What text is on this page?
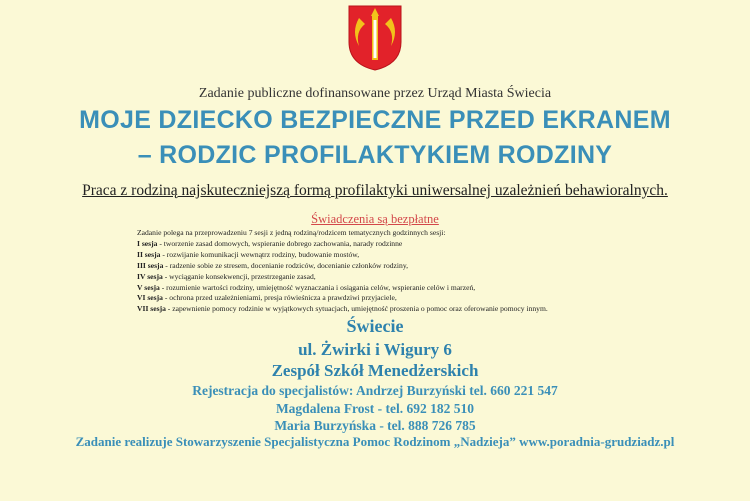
Zadanie publiczne dofinansowane przez Urząd Miasta Świecia
MOJE DZIECKO BEZPIECZNE PRZED EKRANEM
– RODZIC PROFILAKTYKIEM RODZINY
Praca z rodziną najskuteczniejszą formą profilaktyki uniwersalnej uzależnień behawioralnych.
Świadczenia są bezpłatne
Zadanie polega na przeprowadzeniu 7 sesji z jedną rodziną/rodzicem tematycznych godzinnych sesji:
I sesja - tworzenie zasad domowych, wspieranie dobrego zachowania, narady rodzinne
II sesja - rozwijanie komunikacji wewnątrz rodziny, budowanie mostów,
III sesja - radzenie sobie ze stresem, docenianie rodziców, docenianie członków rodziny,
IV sesja - wyciąganie konsekwencji, przestrzeganie zasad,
V sesja - rozumienie wartości rodziny, umiejętność wyznaczania i osiągania celów, wspieranie celów i marzeń,
VI sesja - ochrona przed uzależnieniami, presja rówieśnicza a prawdziwi przyjaciele,
VII sesja - zapewnienie pomocy rodzinie w wyjątkowych sytuacjach, umiejętność proszenia o pomoc oraz oferowanie pomocy innym.
Świecie
ul. Żwirki i Wigury 6
Zespół Szkół Menedżerskich
Rejestracja do specjalistów: Andrzej Burzyński tel. 660 221 547
Magdalena Frost - tel. 692 182 510
Maria Burzyńska - tel. 888 726 785
Zadanie realizuje Stowarzyszenie Specjalistyczna Pomoc Rodzinom „Nadzieja” www.poradnia-grudziadz.pl
